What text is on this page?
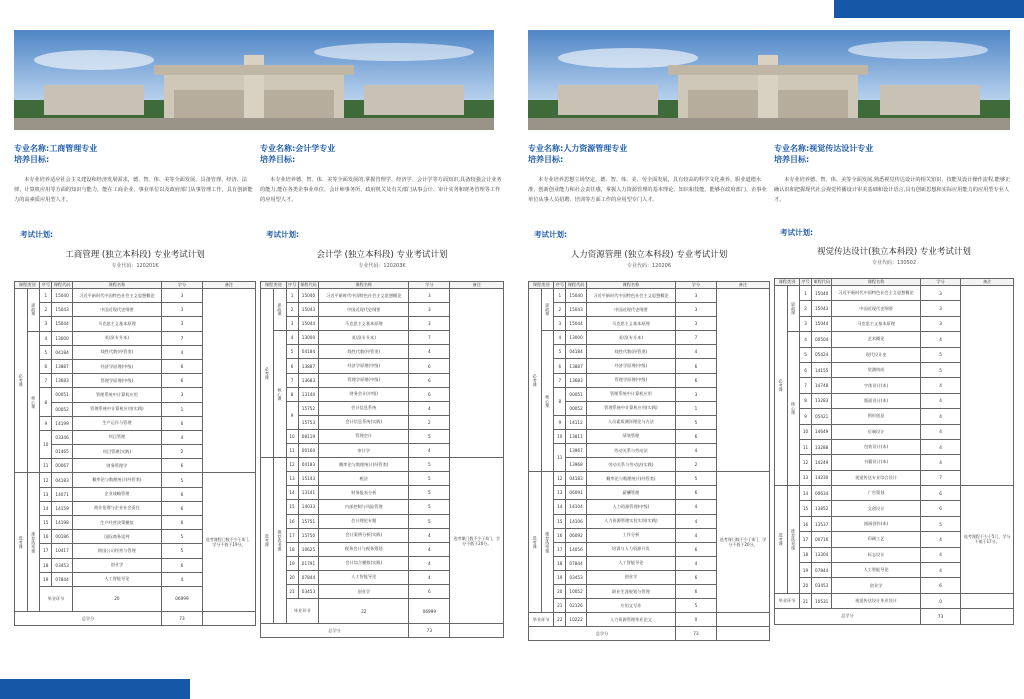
专业名称:工商管理专业
培养目标:
本专业培养适应社会主义建设和经济发展需求，德、智、体、美等全面发展，具备管理、经济、法律、计算机应用等方面的知识与能力，能在工商企业、事业单位以及政府部门从事管理工作，具有创新能力的高素质应用型人才。
考试计划:
工商管理 (独立本科段) 专业考试计划
专业代码：120201K
课程类别		序号	课程代码	课程名称	学分	备注	
必考课	思政课	1	15040	习近平新时代中国特色社会主义思想概论	3		
		2	15043	中国近现代史纲要	3		
		3	15044	马克思主义基本原理	3		
	核心课	4	13000	英语(专升本)	7		
		5	04184	线性代数(经管类)	4		
		6	13887	经济学原理(中级)	6		
		7	13683	管理学原理(中级)	6		
		8	00051	管理系统中计算机应用	3		
			00052	管理系统中计算机应用(实践)	1		
		9	14199	生产运作与管理	6		
		10	03346	项目管理	4		
			01465	项目管理(实践)	2		
		11	00067	财务管理学	6		
选考课	推荐选考课	12	04183	概率论与数理统计(经管类)	5	选考课程门数不少于4门，学分不低于19分。	
		13	14071	企业战略管理	6		
		14	14159	商业伦理与企业社会责任	6		
		15	14198	生产经营决策模拟	6		
		16	00186	国际商务谈判	5		
		17	10417	跨国公司经营与管理	5		
		18	03453	创业学	6		
		19	07844	人工智能导论	4		
		毕业环节		20	06999			
总学分					73		
专业名称:会计学专业
培养目标:
本专业培养德、智、体、美等全面发展的,掌握管理学、经济学、会计学等方面知识,具备较强会计业务的能力,能在各类企事业单位、会计师事务所、政府机关及有关部门从事会计、审计实务和财务管理等工作的应用型人才。
考试计划:
会计学 (独立本科段) 专业考试计划
专业代码：120203K
课程类别		序号	课程代码	课程名称	学分	备注	
必考课	思政课	1	15040	习近平新时代中国特色社会主义思想概论	3		
		2	15043	中国近现代史纲要	3		
		3	15044	马克思主义基本原理	3		
	核心课	4	13000	英语(专升本)	7		
		5	04184	线性代数(经管类)	4		
		6	13887	经济学原理(中级)	6		
		7	13683	管理学原理(中级)	6		
		8	13140	财务会计(中级)	6		
		9	15752	会计信息系统	4		
			15753	会计信息系统(实践)	2		
		10	08119	管理会计	5		
		11	00160	审计学	4		
选考课	推荐选考课	12	04183	概率论与数理统计(经管类)	5	选考课门数不少于4门，学分不低于20分。	
		13	15143	税法	5		
		14	13141	财务报表分析	5		
		15	14033	内部控制与风险管理	5		
		16	15751	会计理论专题	5		
		17	15750	会计案例分析(实践)	4		
		18	10625	税务会计与税务筹划	4		
		19	01791	会计综合模拟(实践)	4		
		20	07844	人工智能导论	4		
		21	03453	创业学	6		
		毕业环节		22	06999			
总学分					73		
专业名称:人力资源管理专业
培养目标:
本专业培养思想立场坚定，德、智、体、美、劳全面发展，具有较高的科学文化素养、职业道德水准、创新创业能力和社会责任感，掌握人力资源管理的基本理论、知识和技能，能够在政府部门、企事业单位从事人员招聘、培训等方面工作的应用型专门人才。
考试计划:
人力资源管理 (独立本科段) 专业考试计划
专业代码：120206
课程类别		序号	课程代码	课程名称	学分	备注
必考课	思政课	1	15040	习近平新时代中国特色社会主义思想概论	3	
		2	15043	中国近现代史纲要	3	
		3	15044	马克思主义基本原理	3	
	核心课	4	13000	英语(专升本)	7	
		5	04184	线性代数(经管类)	4	
		6	13887	经济学原理(中级)	6	
		7	13683	管理学原理(中级)	6	
		8	00051	管理系统中计算机应用	3	
			00052	管理系统中计算机应用(实践)	1	
		9	14112	人员素质测评理论与方法	5	
		10	13811	绩效管理	6	
		11	13967	劳动关系与劳动法	4	
			13968	劳动关系与劳动法(实践)	2	
选考课	推荐选考课	12	04183	概率论与数理统计(经管类)	5	选考课门数不少于4门，学分不低于20分。
		13	06091	薪酬管理	6	
		14	14104	人力资源管理(中级)	4	
		15	14106	人力资源管理实验实训(实践)	4	
		16	06092	工作分析	4	
		17	14056	培训与人力资源开发	6	
		18	07844	人工智能导论	4	
		19	03453	创业学	6	
		20	10052	职业生涯规划与管理	6	
		21	02126	应用文写作	5	
毕业环节		22	10222	人力资源管理毕业论文	0	
总学分					73	
专业名称:视觉传达设计专业
培养目标:
本专业培养德、智、体、美等全面发展,熟悉视觉传达设计的相关知识、技能及设计操作流程,能够正确认识和把握现代社会视觉传播设计审美基础和设计语言,具有创新思想和实际应用能力的应用型专业人才。
考试计划:
视觉传达设计(独立本科段) 专业考试计划
专业代码：130502
课程类别		序号	课程代码	课程名称	学分	备注
必考课	思政课	1	15040	习近平新时代中国特色社会主义思想概论	3	
		2	15043	中国近现代史纲要	3	
		3	15044	马克思主义基本原理	3	
	核心课	4	00504	艺术概论	4	
		5	05424	现代设计史	5	
		6	14155	装潢构成	5	
		7	14748	字体设计(本)	4	
		8	13283	版面设计(本)	4	
		9	05421	图形创意	4	
		10	14649	后端设计	4	
		11	13288	包装设计(本)	4	
		12	14249	书籍设计(本)	4	
		13	14230	视觉传达专业综合设计	7	
选考课	推荐选考课	14	00634	广告策划	6	选考课程不少于5门，学分不低于17分。
		15	13852	文创设计	6	
		16	13537	插画创作(本)	5	
		17	00716	印刷工艺	4	
		18	13304	标志设计	4	
		19	07844	人工智能导论	4	
		20	03453	创业学	6	
毕业环节		21	10531	视觉传达设计毕业设计	0	
总学分					73	
